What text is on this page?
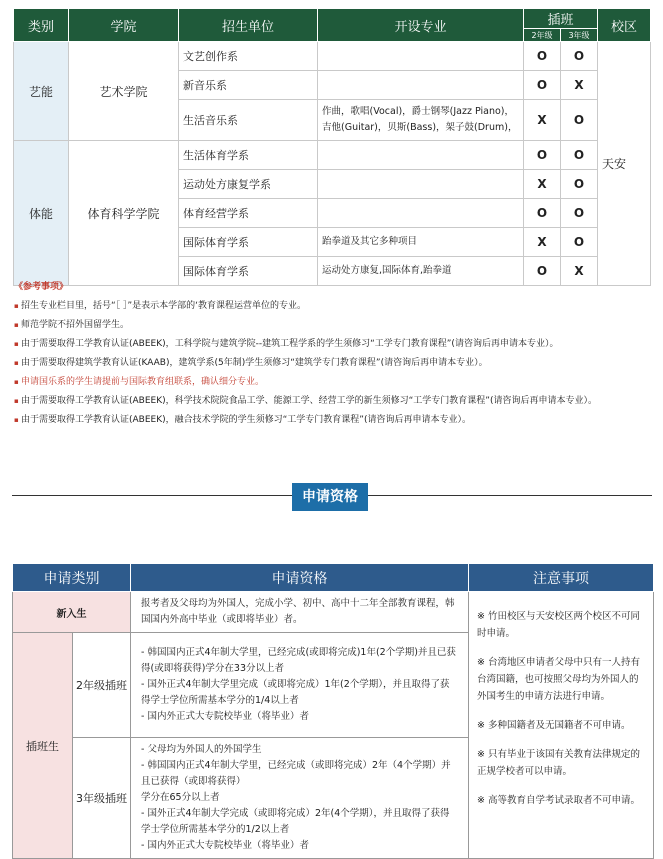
类别	学院	招生单位	开设专业	插班		校区
				2年级	3年级	
艺能	艺术学院	文艺创作系		O	O	天安
		新音乐系		O	X	
		生活音乐系	作曲，歌唱(Vocal)，爵士钢琴(Jazz Piano)，吉他(Guitar)，贝斯(Bass)，架子鼓(Drum)，	X	O	
体能	体育科学学院	生活体育学系		O	O	
		运动处方康复学系		X	O	
		体育经营学系		O	O	
		国际体育学系	跆拳道及其它多种项目	X	O	
		国际体育学系	运动处方康复,国际体育,跆拳道	O	X	
《参考事项》
▪ 招生专业栏目里，括号“［ ］”是表示本学部的‘教育课程运营单位的专业。
▪ 师范学院不招外国留学生。
▪ 由于需要取得工学教育认证(ABEEK)，工科学院与建筑学院--建筑工程学系的学生须修习“工学专门教育课程”(请咨询后再申请本专业）。
▪ 由于需要取得建筑学教育认证(KAAB)，建筑学系(5年制)学生须修习“建筑学专门教育课程”(请咨询后再申请本专业）。
▪ 申请国乐系的学生请提前与国际教育组联系，确认细分专业。
▪ 由于需要取得工学教育认证(ABEEK)，科学技术院院食品工学、能源工学、经营工学的新生须修习“工学专门教育课程”(请咨询后再申请本专业）。
▪ 由于需要取得工学教育认证(ABEEK)，融合技术学院的学生须修习“工学专门教育课程”(请咨询后再申请本专业）。
申请资格
申请类别		申请资格	注意事项
新入生		报考者及父母均为外国人，完成小学、初中、高中十二年全部教育课程，韩国国内外高中毕业（或即将毕业）者。	※ 竹田校区与天安校区两个校区不可同时申请。
※ 台湾地区申请者父母中只有一人持有台湾国籍，也可按照父母均为外国人的外国考生的申请方法进行申请。
※ 多种国籍者及无国籍者不可申请。
※ 只有毕业于该国有关教育法律规定的正规学校者可以申请。
※ 高等教育自学考试录取者不可申请。

插班生	2年级插班	- 韩国国内正式4年制大学里，已经完成(或即将完成)1年(2个学期)并且已获得(或即将获得)学分在33分以上者
- 国外正式4年制大学里完成（或即将完成）1年(2个学期），并且取得了获得学士学位所需基本学分的1/4以上者
- 国内外正式大专院校毕业（将毕业）者	

	3年级插班	- 父母均为外国人的外国学生
- 韩国国内正式4年制大学里，已经完成（或即将完成）2年（4个学期）并且已获得（或即将获得）
学分在65分以上者
- 国外正式4年制大学完成（或即将完成）2年(4个学期），并且取得了获得学士学位所需基本学分的1/2以上者
- 国内外正式大专院校毕业（将毕业）者	
